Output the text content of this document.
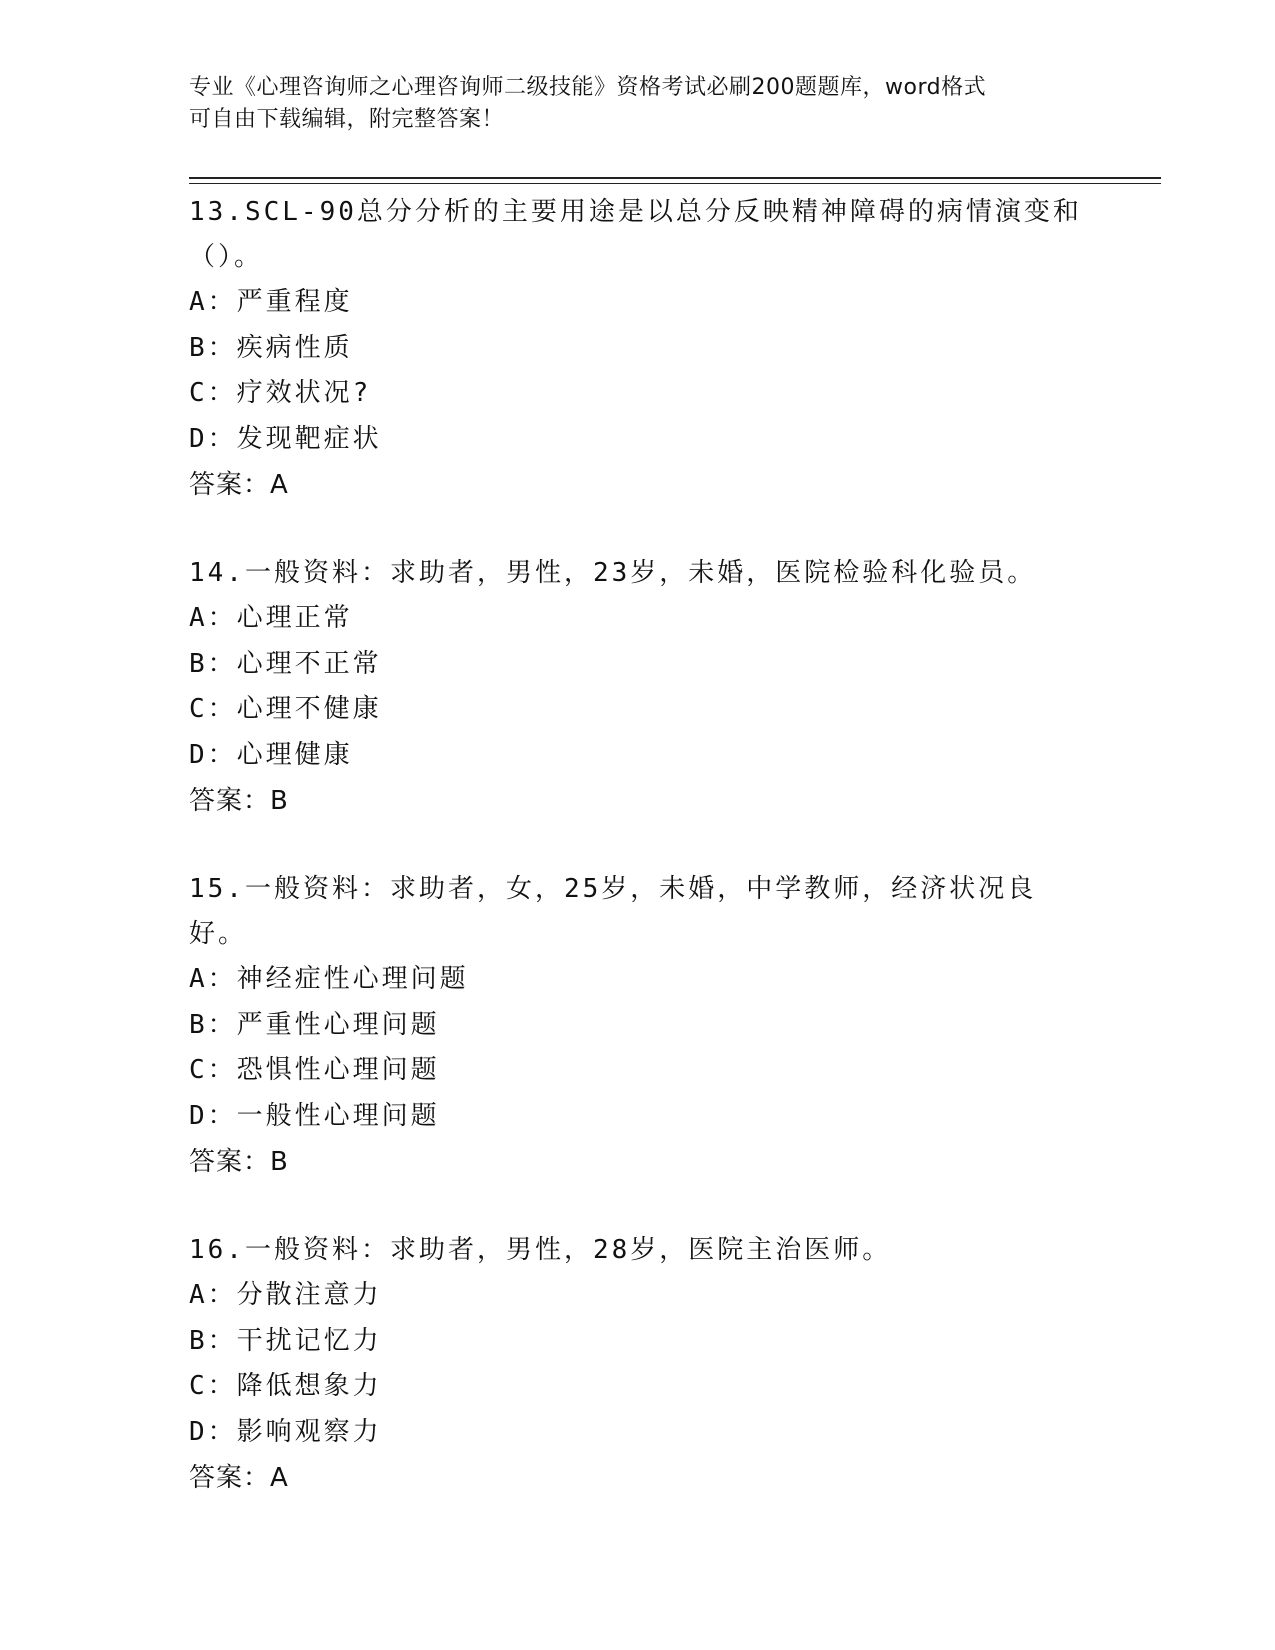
专业《心理咨询师之心理咨询师二级技能》资格考试必刷200题题库，word格式
可自由下载编辑，附完整答案！
13.SCL-90总分分析的主要用途是以总分反映精神障碍的病情演变和（）。
A：严重程度
B：疾病性质
C：疗效状况?
D：发现靶症状
答案：A
14.一般资料：求助者，男性，23岁，未婚，医院检验科化验员。
A：心理正常
B：心理不正常
C：心理不健康
D：心理健康
答案：B
15.一般资料：求助者，女，25岁，未婚，中学教师，经济状况良好。
A：神经症性心理问题
B：严重性心理问题
C：恐惧性心理问题
D：一般性心理问题
答案：B
16.一般资料：求助者，男性，28岁，医院主治医师。
A：分散注意力
B：干扰记忆力
C：降低想象力
D：影响观察力
答案：A
